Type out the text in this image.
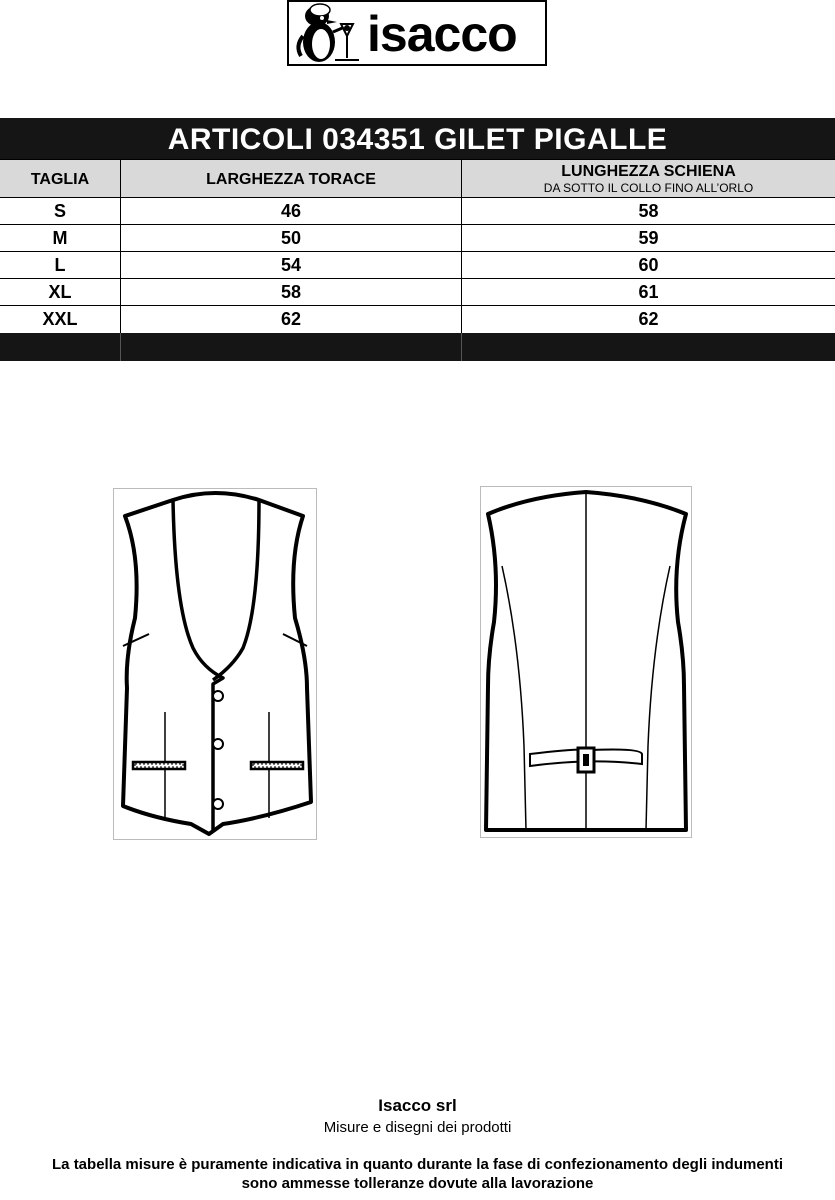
isacco
ARTICOLI 034351 GILET PIGALLE
TAGLIA	LARGHEZZA TORACE	LUNGHEZZA SCHIENA
DA SOTTO IL COLLO FINO ALL’ORLO
S	46	58
M	50	59
L	54	60
XL	58	61
XXL	62	62
Isacco srl
Misure e disegni dei prodotti
La tabella misure è puramente indicativa in quanto durante la fase di confezionamento degli indumenti
sono ammesse tolleranze dovute alla lavorazione
